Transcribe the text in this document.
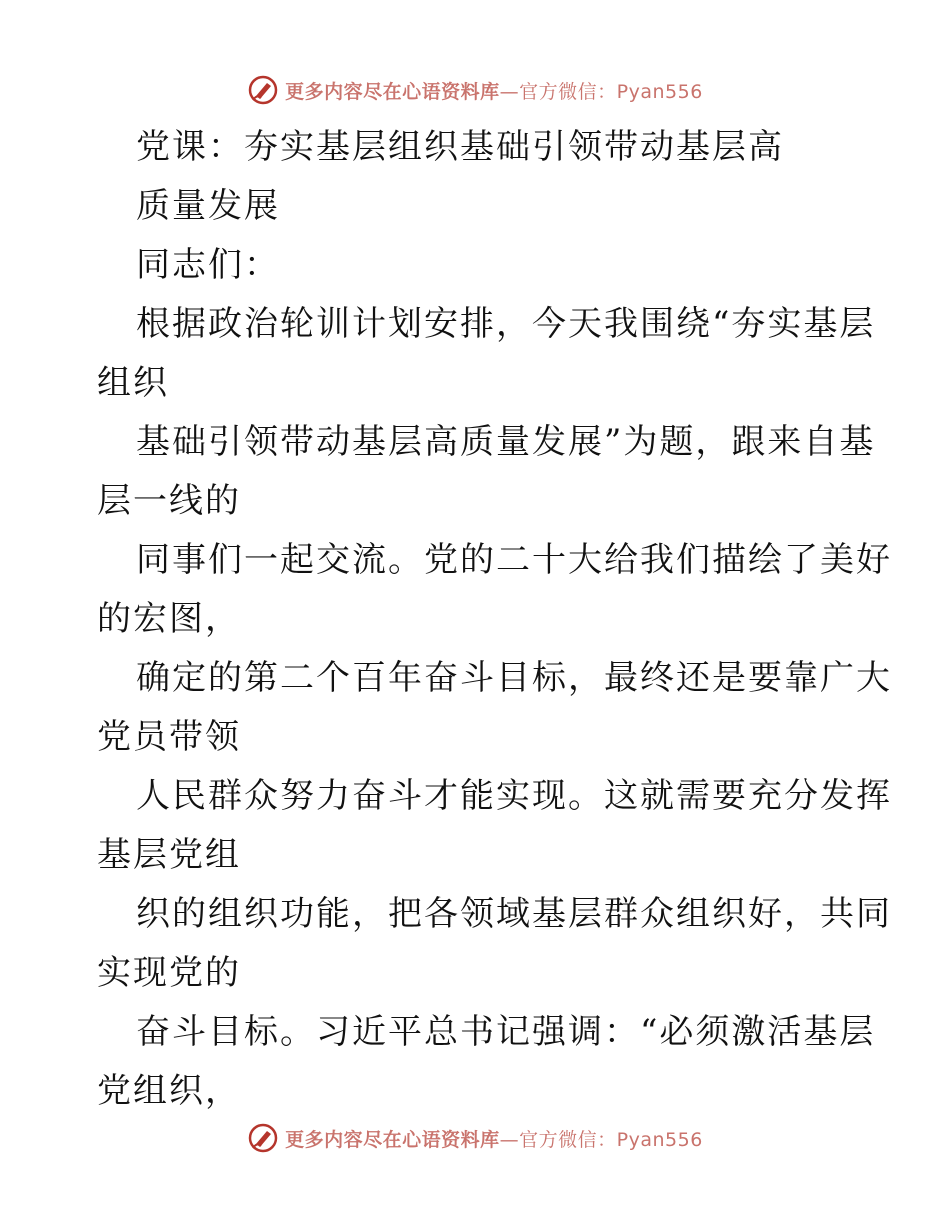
更多内容尽在心语资料库—官方微信：Pyan556
党课：夯实基层组织基础引领带动基层高
质量发展
同志们：
根据政治轮训计划安排，今天我围绕“夯实基层
组织
基础引领带动基层高质量发展”为题，跟来自基
层一线的
同事们一起交流。党的二十大给我们描绘了美好
的宏图，
确定的第二个百年奋斗目标，最终还是要靠广大
党员带领
人民群众努力奋斗才能实现。这就需要充分发挥
基层党组
织的组织功能，把各领域基层群众组织好，共同
实现党的
奋斗目标。习近平总书记强调：“必须激活基层
党组织，
更多内容尽在心语资料库—官方微信：Pyan556
